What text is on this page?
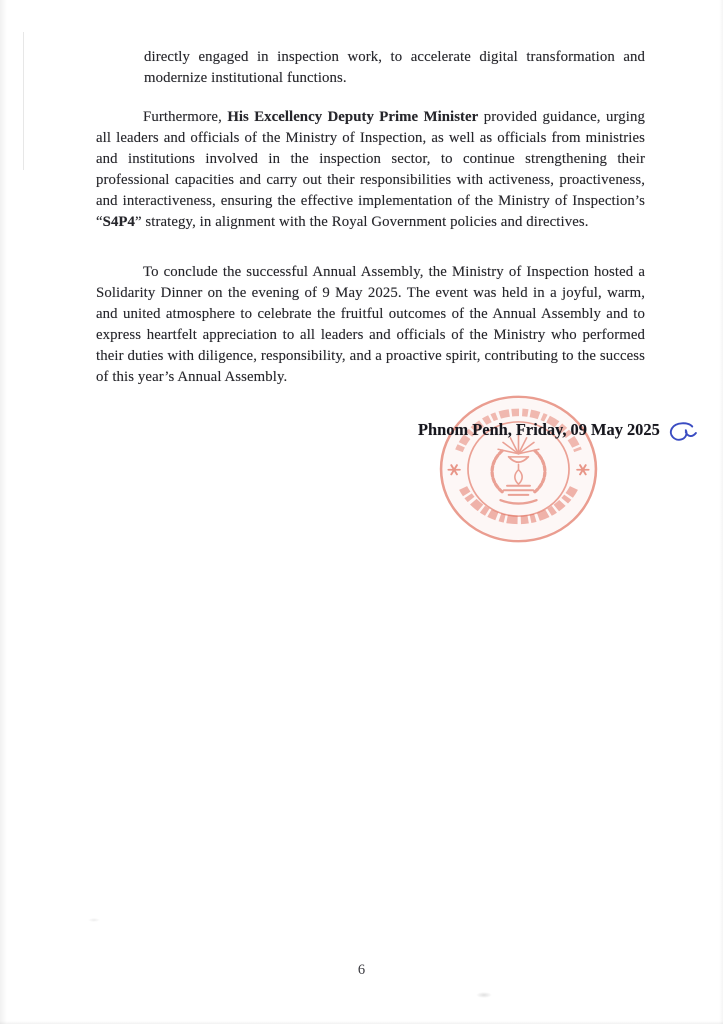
directly engaged in inspection work, to accelerate digital transformation and modernize institutional functions.

Furthermore, His Excellency Deputy Prime Minister provided guidance, urging all leaders and officials of the Ministry of Inspection, as well as officials from ministries and institutions involved in the inspection sector, to continue strengthening their professional capacities and carry out their responsibilities with activeness, proactiveness, and interactiveness, ensuring the effective implementation of the Ministry of Inspection’s “S4P4” strategy, in alignment with the Royal Government policies and directives.

To conclude the successful Annual Assembly, the Ministry of Inspection hosted a Solidarity Dinner on the evening of 9 May 2025. The event was held in a joyful, warm, and united atmosphere to celebrate the fruitful outcomes of the Annual Assembly and to express heartfelt appreciation to all leaders and officials of the Ministry who performed their duties with diligence, responsibility, and a proactive spirit, contributing to the success of this year’s Annual Assembly.

Phnom Penh, Friday, 09 May 2025
6
